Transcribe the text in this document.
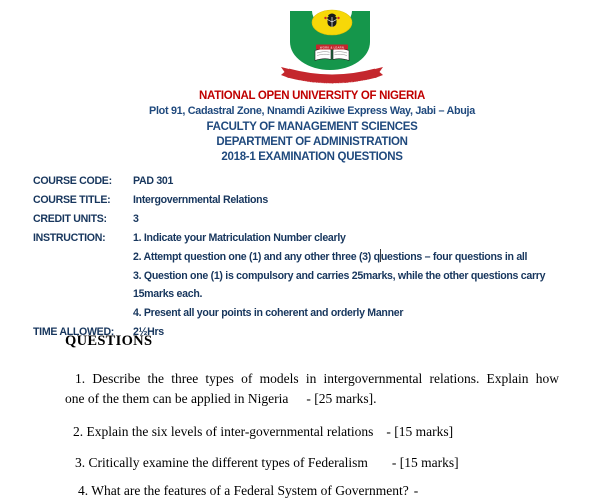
NATIONAL OPEN UNIVERSITY OF NIGERIA
WORK & LEARN
NATIONAL OPEN UNIVERSITY OF NIGERIA
Plot 91, Cadastral Zone, Nnamdi Azikiwe Express Way, Jabi – Abuja
FACULTY OF MANAGEMENT SCIENCES
DEPARTMENT OF ADMINISTRATION
2018-1 EXAMINATION QUESTIONS
COURSE CODE:	PAD 301
COURSE TITLE:	Intergovernmental Relations
CREDIT UNITS:	3
INSTRUCTION:	1. Indicate your Matriculation Number clearly
2. Attempt question one (1) and any other three (3) questions – four questions in all
3. Question one (1) is compulsory and carries 25marks, while the other questions carry
15marks each.
4. Present all your points in coherent and orderly Manner
TIME ALLOWED:	2½Hrs
QUESTIONS
1. Describe the three types of models in intergovernmental relations. Explain how
one of the them can be applied in Nigeria - [25 marks].
2. Explain the six levels of inter-governmental relations - [15 marks]
3. Critically examine the different types of Federalism - [15 marks]
4. What are the features of a Federal System of Government? -
